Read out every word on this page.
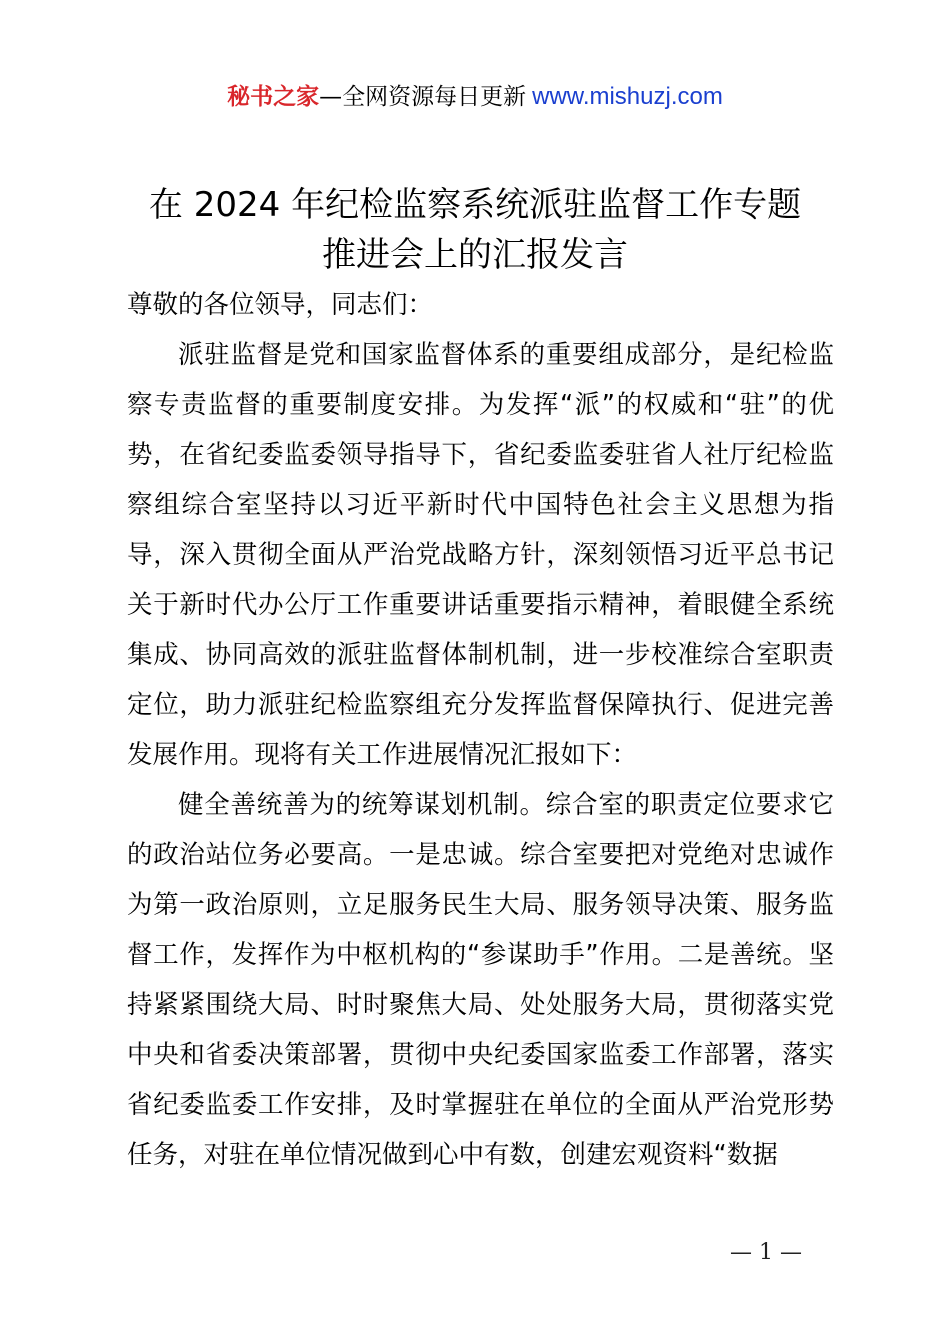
秘书之家—全网资源每日更新 www.mishuzj.com
在 2024 年纪检监察系统派驻监督工作专题
推进会上的汇报发言

尊敬的各位领导，同志们：

派驻监督是党和国家监督体系的重要组成部分，是纪检监察专责监督的重要制度安排。为发挥“派”的权威和“驻”的优势，在省纪委监委领导指导下，省纪委监委驻省人社厅纪检监察组综合室坚持以习近平新时代中国特色社会主义思想为指导，深入贯彻全面从严治党战略方针，深刻领悟习近平总书记关于新时代办公厅工作重要讲话重要指示精神，着眼健全系统集成、协同高效的派驻监督体制机制，进一步校准综合室职责定位，助力派驻纪检监察组充分发挥监督保障执行、促进完善发展作用。现将有关工作进展情况汇报如下：

健全善统善为的统筹谋划机制。综合室的职责定位要求它的政治站位务必要高。一是忠诚。综合室要把对党绝对忠诚作为第一政治原则，立足服务民生大局、服务领导决策、服务监督工作，发挥作为中枢机构的“参谋助手”作用。二是善统。坚持紧紧围绕大局、时时聚焦大局、处处服务大局，贯彻落实党中央和省委决策部署，贯彻中央纪委国家监委工作部署，落实省纪委监委工作安排，及时掌握驻在单位的全面从严治党形势任务，对驻在单位情况做到心中有数，创建宏观资料“数据

— 1 —
